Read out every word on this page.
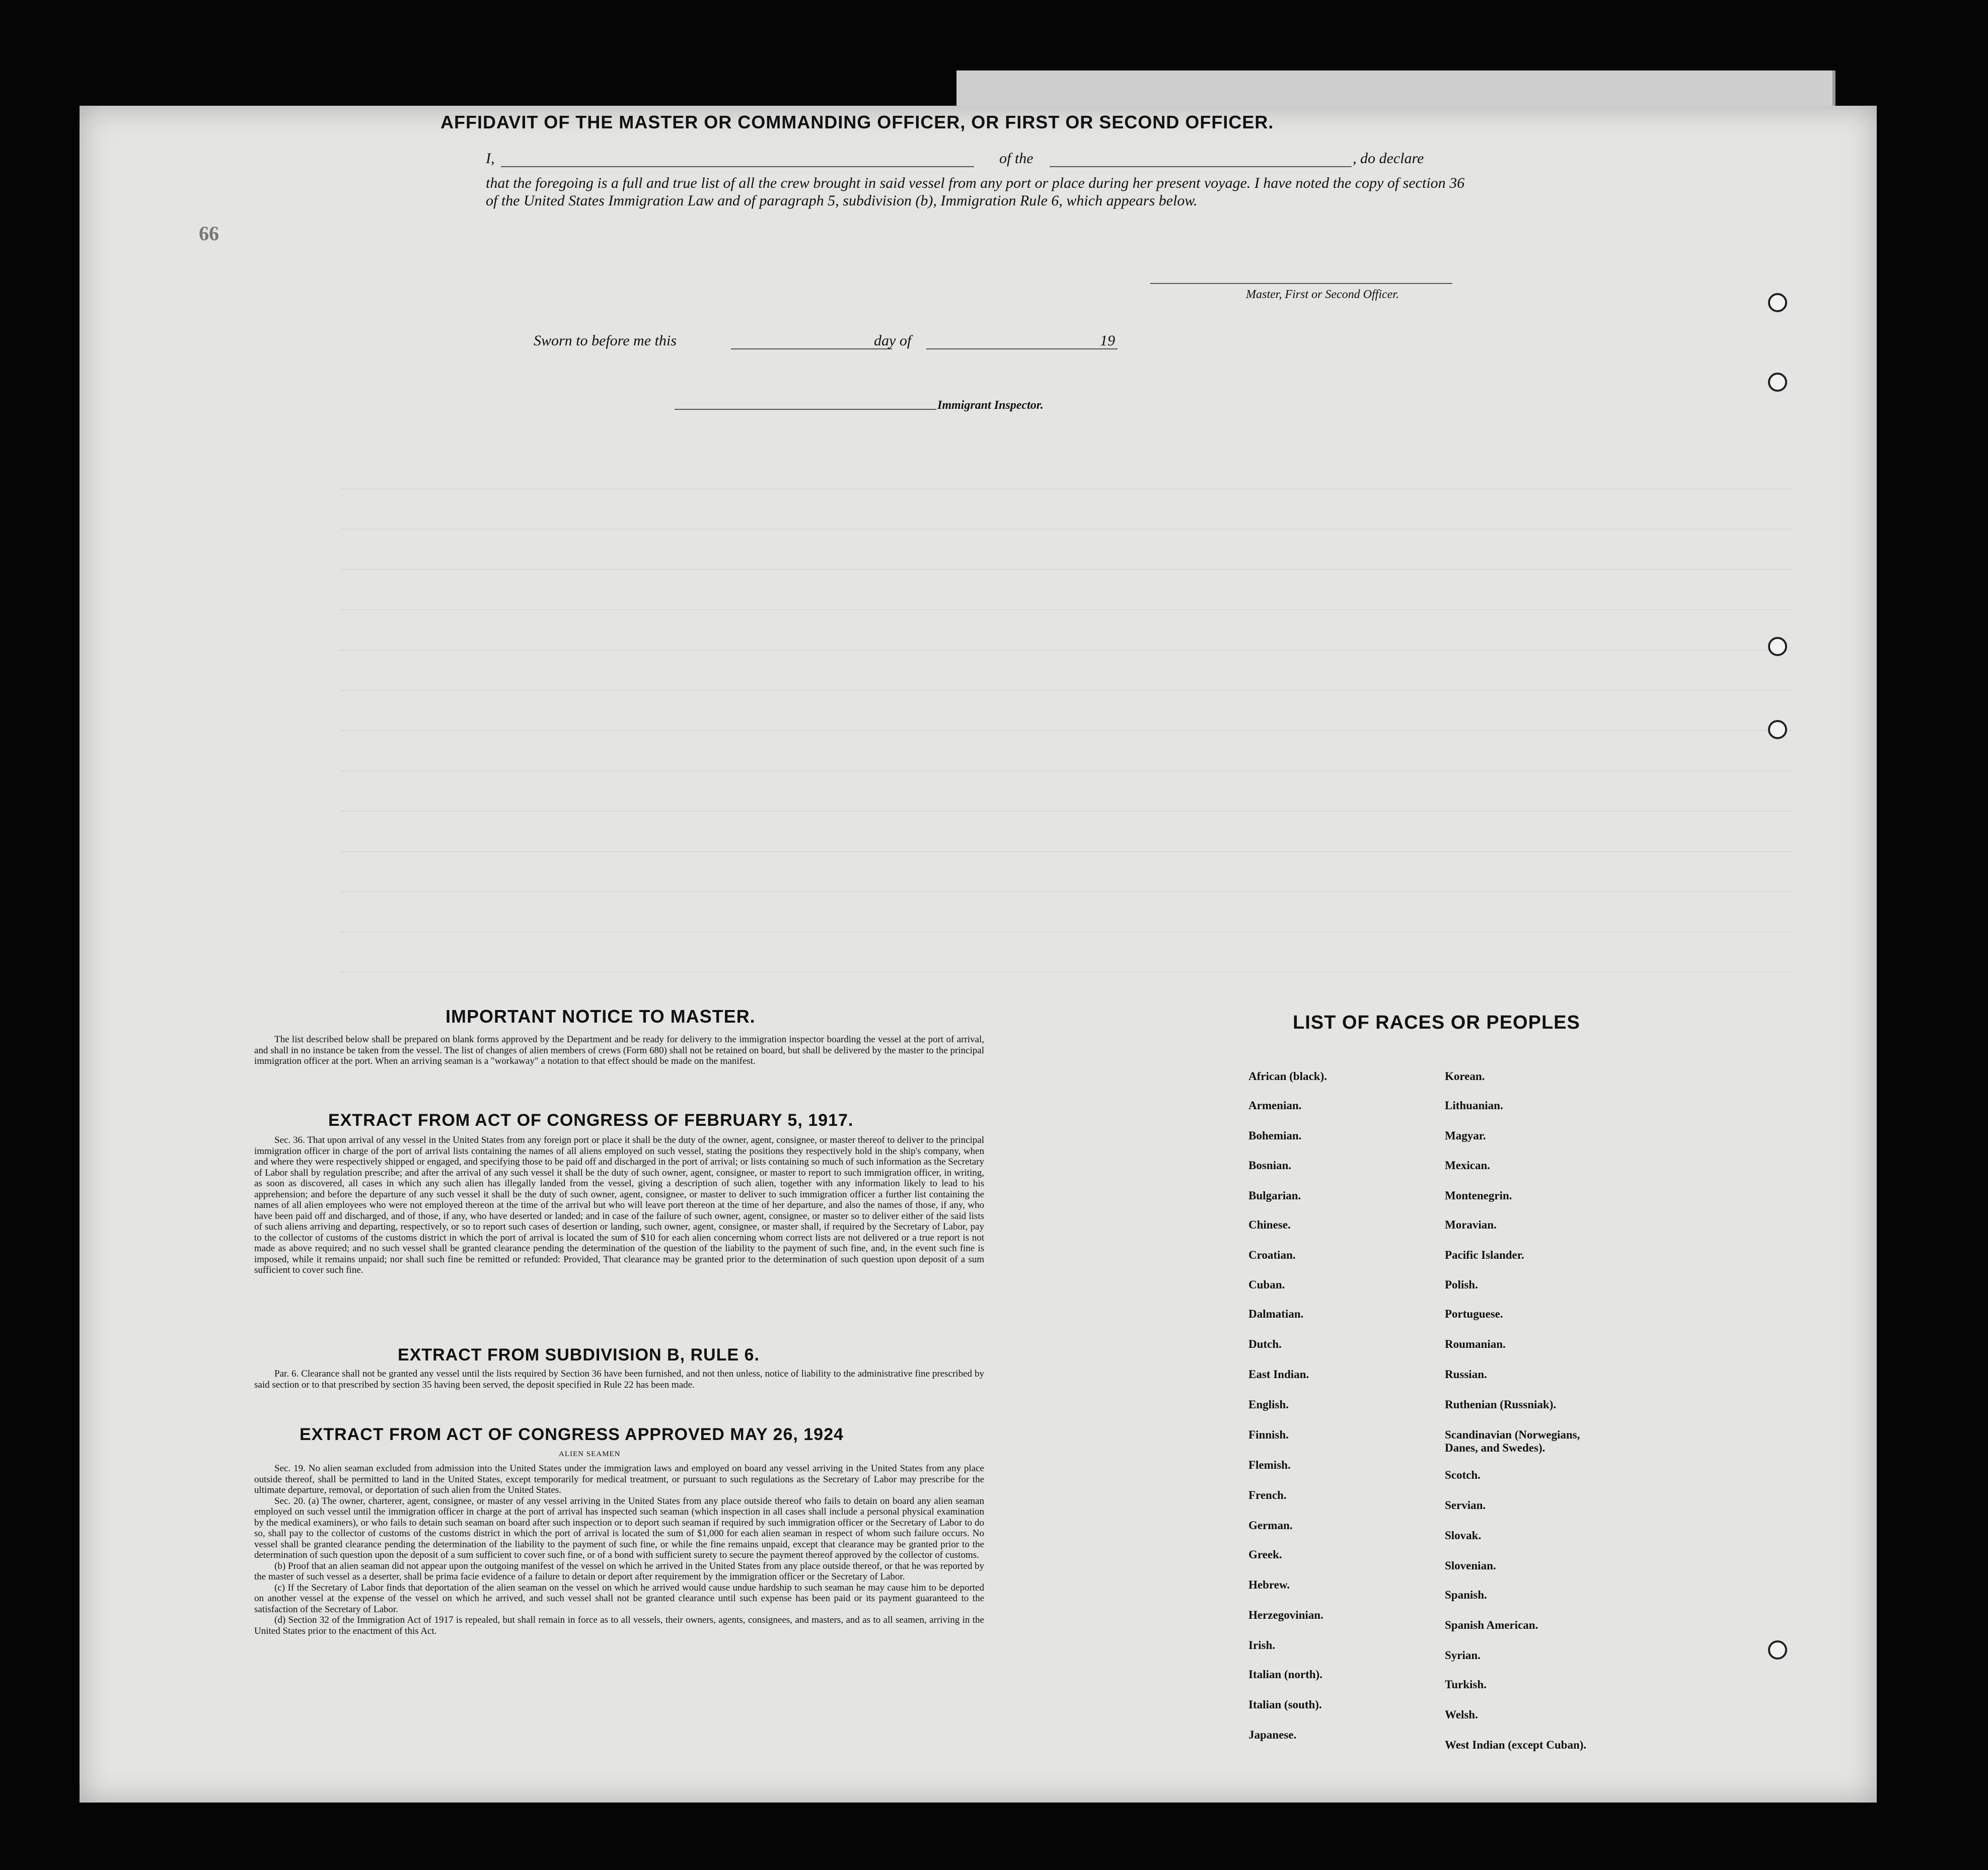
66
AFFIDAVIT OF THE MASTER OR COMMANDING OFFICER, OR FIRST OR SECOND OFFICER.
I,	of the	, do declare
that the foregoing is a full and true list of all the crew brought in said vessel from any port or place during her present voyage. I have noted the copy of section 36 of the United States Immigration Law and of paragraph 5, subdivision (b), Immigration Rule 6, which appears below.
Master, First or Second Officer.
Sworn to before me this	day of	19
Immigrant Inspector.
IMPORTANT NOTICE TO MASTER.
The list described below shall be prepared on blank forms approved by the Department and be ready for delivery to the immigration inspector boarding the vessel at the port of arrival, and shall in no instance be taken from the vessel. The list of changes of alien members of crews (Form 680) shall not be retained on board, but shall be delivered by the master to the principal immigration officer at the port. When an arriving seaman is a "workaway" a notation to that effect should be made on the manifest.
EXTRACT FROM ACT OF CONGRESS OF FEBRUARY 5, 1917.
Sec. 36. That upon arrival of any vessel in the United States from any foreign port or place it shall be the duty of the owner, agent, consignee, or master thereof to deliver to the principal immigration officer in charge of the port of arrival lists containing the names of all aliens employed on such vessel, stating the positions they respectively hold in the ship's company, when and where they were respectively shipped or engaged, and specifying those to be paid off and discharged in the port of arrival; or lists containing so much of such information as the Secretary of Labor shall by regulation prescribe; and after the arrival of any such vessel it shall be the duty of such owner, agent, consignee, or master to report to such immigration officer, in writing, as soon as discovered, all cases in which any such alien has illegally landed from the vessel, giving a description of such alien, together with any information likely to lead to his apprehension; and before the departure of any such vessel it shall be the duty of such owner, agent, consignee, or master to deliver to such immigration officer a further list containing the names of all alien employees who were not employed thereon at the time of the arrival but who will leave port thereon at the time of her departure, and also the names of those, if any, who have been paid off and discharged, and of those, if any, who have deserted or landed; and in case of the failure of such owner, agent, consignee, or master so to deliver either of the said lists of such aliens arriving and departing, respectively, or so to report such cases of desertion or landing, such owner, agent, consignee, or master shall, if required by the Secretary of Labor, pay to the collector of customs of the customs district in which the port of arrival is located the sum of $10 for each alien concerning whom correct lists are not delivered or a true report is not made as above required; and no such vessel shall be granted clearance pending the determination of the question of the liability to the payment of such fine, and, in the event such fine is imposed, while it remains unpaid; nor shall such fine be remitted or refunded: Provided, That clearance may be granted prior to the determination of such question upon deposit of a sum sufficient to cover such fine.
EXTRACT FROM SUBDIVISION B, RULE 6.
Par. 6. Clearance shall not be granted any vessel until the lists required by Section 36 have been furnished, and not then unless, notice of liability to the administrative fine prescribed by said section or to that prescribed by section 35 having been served, the deposit specified in Rule 22 has been made.
EXTRACT FROM ACT OF CONGRESS APPROVED MAY 26, 1924
ALIEN SEAMEN

Sec. 19. No alien seaman excluded from admission into the United States under the immigration laws and employed on board any vessel arriving in the United States from any place outside thereof, shall be permitted to land in the United States, except temporarily for medical treatment, or pursuant to such regulations as the Secretary of Labor may prescribe for the ultimate departure, removal, or deportation of such alien from the United States.

Sec. 20. (a) The owner, charterer, agent, consignee, or master of any vessel arriving in the United States from any place outside thereof who fails to detain on board any alien seaman employed on such vessel until the immigration officer in charge at the port of arrival has inspected such seaman (which inspection in all cases shall include a personal physical examination by the medical examiners), or who fails to detain such seaman on board after such inspection or to deport such seaman if required by such immigration officer or the Secretary of Labor to do so, shall pay to the collector of customs of the customs district in which the port of arrival is located the sum of $1,000 for each alien seaman in respect of whom such failure occurs. No vessel shall be granted clearance pending the determination of the liability to the payment of such fine, or while the fine remains unpaid, except that clearance may be granted prior to the determination of such question upon the deposit of a sum sufficient to cover such fine, or of a bond with sufficient surety to secure the payment thereof approved by the collector of customs.

(b) Proof that an alien seaman did not appear upon the outgoing manifest of the vessel on which he arrived in the United States from any place outside thereof, or that he was reported by the master of such vessel as a deserter, shall be prima facie evidence of a failure to detain or deport after requirement by the immigration officer or the Secretary of Labor.

(c) If the Secretary of Labor finds that deportation of the alien seaman on the vessel on which he arrived would cause undue hardship to such seaman he may cause him to be deported on another vessel at the expense of the vessel on which he arrived, and such vessel shall not be granted clearance until such expense has been paid or its payment guaranteed to the satisfaction of the Secretary of Labor.

(d) Section 32 of the Immigration Act of 1917 is repealed, but shall remain in force as to all vessels, their owners, agents, consignees, and masters, and as to all seamen, arriving in the United States prior to the enactment of this Act.

LIST OF RACES OR PEOPLES
African (black).
Armenian.
Bohemian.
Bosnian.
Bulgarian.
Chinese.
Croatian.
Cuban.
Dalmatian.
Dutch.
East Indian.
English.
Finnish.
Flemish.
French.
German.
Greek.
Hebrew.
Herzegovinian.
Irish.
Italian (north).
Italian (south).
Japanese.
Korean.
Lithuanian.
Magyar.
Mexican.
Montenegrin.
Moravian.
Pacific Islander.
Polish.
Portuguese.
Roumanian.
Russian.
Ruthenian (Russniak).
Scandinavian (Norwegians, Danes, and Swedes).
Scotch.
Servian.
Slovak.
Slovenian.
Spanish.
Spanish American.
Syrian.
Turkish.
Welsh.
West Indian (except Cuban).
